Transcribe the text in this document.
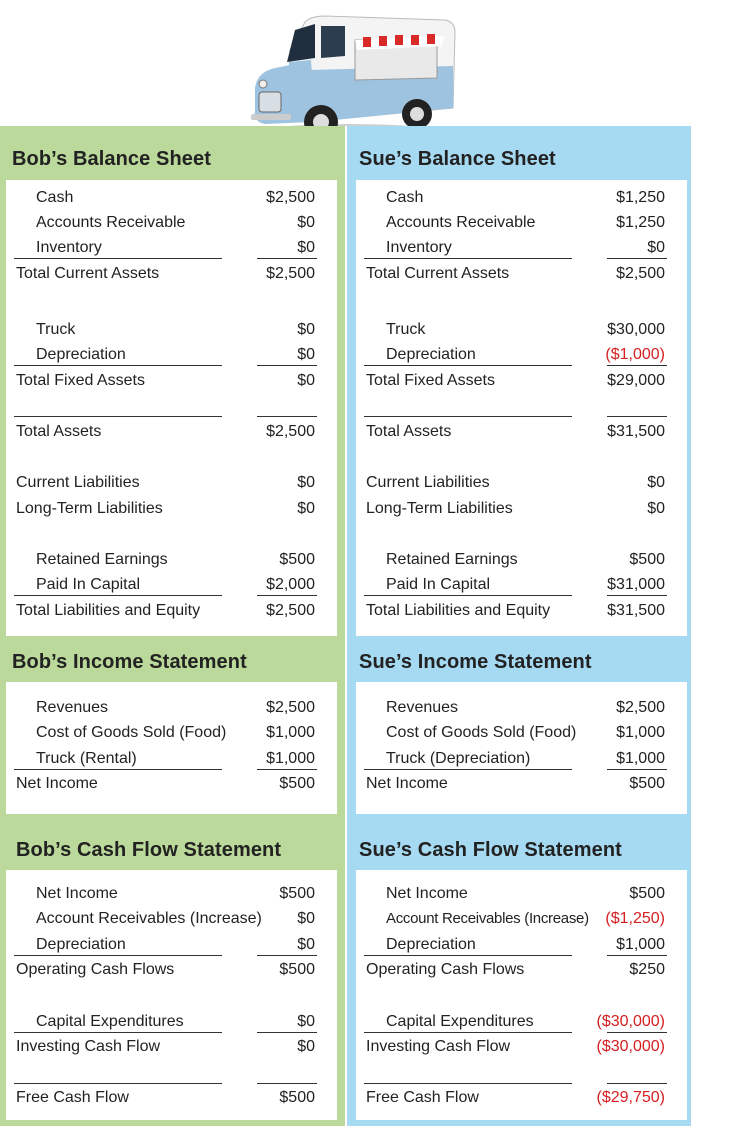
Bob’s Balance Sheet
Cash	$2,500
Accounts Receivable	$0
Inventory	$0
Total Current Assets	$2,500
Truck	$0
Depreciation	$0
Total Fixed Assets	$0
Total Assets	$2,500
Current Liabilities	$0
Long-Term Liabilities	$0
Retained Earnings	$500
Paid In Capital	$2,000
Total Liabilities and Equity	$2,500
Bob’s Income Statement
Revenues	$2,500
Cost of Goods Sold (Food) $1,000
Truck (Rental)	$1,000
Net Income	$500
Bob’s Cash Flow Statement
Net Income	$500
Account Receivables (Increase) $0
Depreciation	$0
Operating Cash Flows	$500
Capital Expenditures	$0
Investing Cash Flow	$0
Free Cash Flow	$500
Sue’s Balance Sheet
Cash	$1,250
Accounts Receivable	$1,250
Inventory	$0
Total Current Assets	$2,500
Truck	$30,000
Depreciation	($1,000)
Total Fixed Assets	$29,000
Total Assets	$31,500
Current Liabilities	$0
Long-Term Liabilities	$0
Retained Earnings	$500
Paid In Capital	$31,000
Total Liabilities and Equity	$31,500
Sue’s Income Statement
Revenues	$2,500
Cost of Goods Sold (Food) $1,000
Truck (Depreciation)	$1,000
Net Income	$500
Sue’s Cash Flow Statement
Net Income	$500
Account Receivables (Increase) ($1,250)
Depreciation	$1,000
Operating Cash Flows	$250
Capital Expenditures	($30,000)
Investing Cash Flow	($30,000)
Free Cash Flow	($29,750)
